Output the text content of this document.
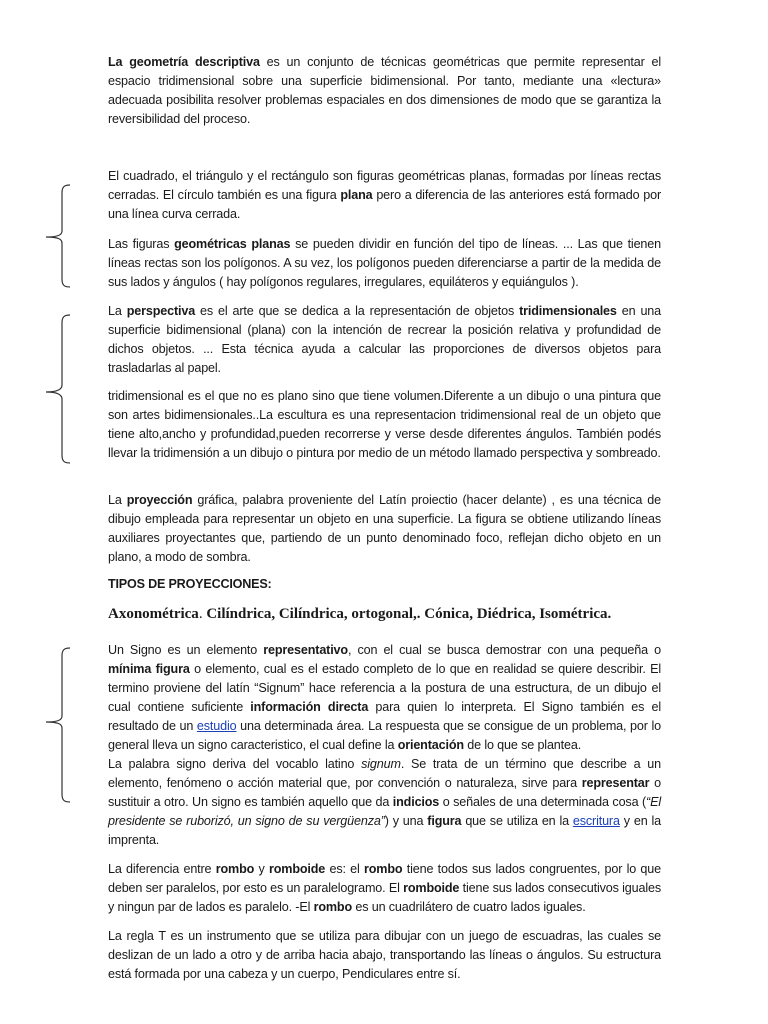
La geometría descriptiva es un conjunto de técnicas geométricas que permite representar el espacio tridimensional sobre una superficie bidimensional. Por tanto, mediante una «lectura» adecuada posibilita resolver problemas espaciales en dos dimensiones de modo que se garantiza la reversibilidad del proceso.

El cuadrado, el triángulo y el rectángulo son figuras geométricas planas, formadas por líneas rectas cerradas. El círculo también es una figura plana pero a diferencia de las anteriores está formado por una línea curva cerrada.

Las figuras geométricas planas se pueden dividir en función del tipo de líneas. ... Las que tienen líneas rectas son los polígonos. A su vez, los polígonos pueden diferenciarse a partir de la medida de sus lados y ángulos ( hay polígonos regulares, irregulares, equiláteros y equiángulos ).

La perspectiva es el arte que se dedica a la representación de objetos tridimensionales en una superficie bidimensional (plana) con la intención de recrear la posición relativa y profundidad de dichos objetos. ... Esta técnica ayuda a calcular las proporciones de diversos objetos para trasladarlas al papel.

tridimensional es el que no es plano sino que tiene volumen.Diferente a un dibujo o una pintura que son artes bidimensionales..La escultura es una representacion tridimensional real de un objeto que tiene alto,ancho y profundidad,pueden recorrerse y verse desde diferentes ángulos. También podés llevar la tridimensión a un dibujo o pintura por medio de un método llamado perspectiva y sombreado.

La proyección gráfica, palabra proveniente del Latín proiectio (hacer delante) , es una técnica de dibujo empleada para representar un objeto en una superficie. La figura se obtiene utilizando líneas auxiliares proyectantes que, partiendo de un punto denominado foco, reflejan dicho objeto en un plano, a modo de sombra.

TIPOS DE PROYECCIONES:

Axonométrica. Cilíndrica, Cilíndrica, ortogonal,. Cónica, Diédrica, Isométrica.

Un Signo es un elemento representativo, con el cual se busca demostrar con una pequeña o mínima figura o elemento, cual es el estado completo de lo que en realidad se quiere describir. El termino proviene del latín “Signum” hace referencia a la postura de una estructura, de un dibujo el cual contiene suficiente información directa para quien lo interpreta. El Signo también es el resultado de un estudio una determinada área. La respuesta que se consigue de un problema, por lo general lleva un signo caracteristico, el cual define la orientación de lo que se plantea.
La palabra signo deriva del vocablo latino signum. Se trata de un término que describe a un elemento, fenómeno o acción material que, por convención o naturaleza, sirve para representar o sustituir a otro. Un signo es también aquello que da indicios o señales de una determinada cosa (“El presidente se ruborizó, un signo de su vergüenza”) y una figura que se utiliza en la escritura y en la imprenta.

La diferencia entre rombo y romboide es: el rombo tiene todos sus lados congruentes, por lo que deben ser paralelos, por esto es un paralelogramo. El romboide tiene sus lados consecutivos iguales y ningun par de lados es paralelo. -El rombo es un cuadrilátero de cuatro lados iguales.

La regla T es un instrumento que se utiliza para dibujar con un juego de escuadras, las cuales se deslizan de un lado a otro y de arriba hacia abajo, transportando las líneas o ángulos. Su estructura está formada por una cabeza y un cuerpo, Pendiculares entre sí.
